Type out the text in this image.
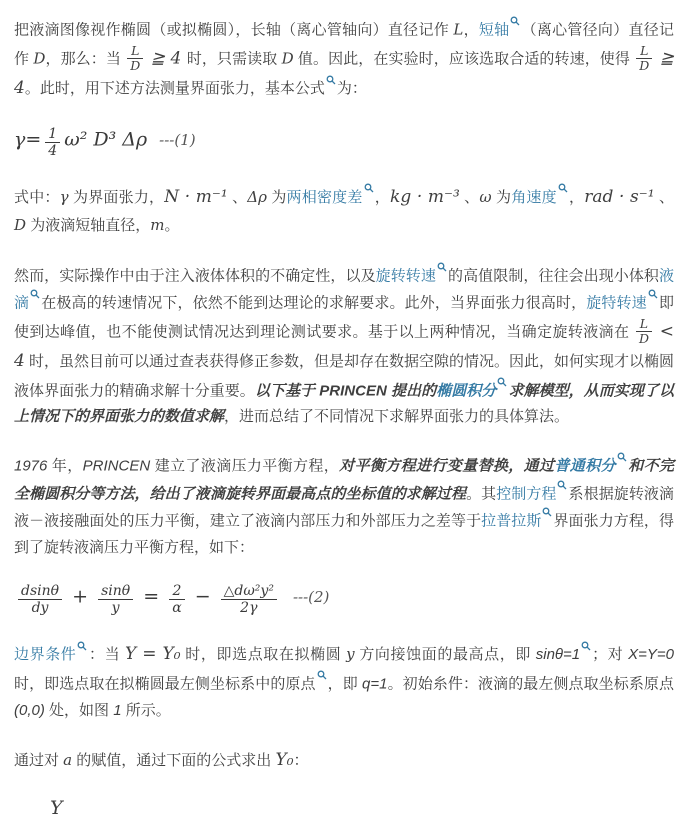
把液滴图像视作椭圆（或拟椭圆），长轴（离心管轴向）直径记作 L，短轴 （离心管径向）直径记作 D，那么：当 $\frac{L}{D}$ ≧ 4 时，只需读取 D 值。因此，在实验时，应该选取合适的转速，使得 $\frac{L}{D}$ ≧ 4。此时，用下述方法测量界面张力，基本公式 为：

$\gamma= \frac{1}{4} \omega^2$ D³ Δρ ---(1)

式中：γ 为界面张力，N · m⁻¹ 、Δρ 为两相密度差 ，kg · m⁻³ 、ω 为角速度 ，rad · s⁻¹ 、D 为液滴短轴直径，m。

然而，实际操作中由于注入液体体积的不确定性，以及旋转转速 的高值限制，往往会出现小体积液滴 在极高的转速情况下，依然不能到达理论的求解要求。此外，当界面张力很高时，旋特转速 即使到达峰值，也不能使测试情况达到理论测试要求。基于以上两种情况，当确定旋转液滴在 $\frac{L}{D} < 4$ 时，虽然目前可以通过查表获得修正参数，但是却存在数据空隙的情况。因此，如何实现才以椭圆液体界面张力的精确求解十分重要。以下基于 PRINCEN 提出的椭圆积分 求解模型，从而实现了以上情况下的界面张力的数值求解，进而总结了不同情况下求解界面张力的具体算法。

1976 年，PRINCEN 建立了液滴压力平衡方程，对平衡方程进行变量替换，通过普通积分 和不完全椭圆积分等方法，给出了液滴旋转界面最高点的坐标值的求解过程。其控制方程 系根据旋转液滴液－液接融面处的压力平衡，建立了液滴内部压力和外部压力之差等于拉普拉斯 界面张力方程，得到了旋转液滴压力平衡方程，如下：

$\frac{dsin\theta}{dy} + \frac{\sin\theta}{y} = \frac{2}{\alpha} - \frac{\text{△dω²y²}}{2\gamma} ---(2)$

边界条件 ：当 Y = Y₀ 时，即选点取在拟椭圆 y 方向接蚀面的最高点，即 sinθ=1 ；对 X=Y=0 时，即选点取在拟椭圆最左侧坐标系中的原点 ，即 q=1。初始糸件：液滴的最左侧点取坐标系原点 (0,0) 处，如图 1 所示。

通过对 a 的赋值，通过下面的公式求出 Y₀：

Y
